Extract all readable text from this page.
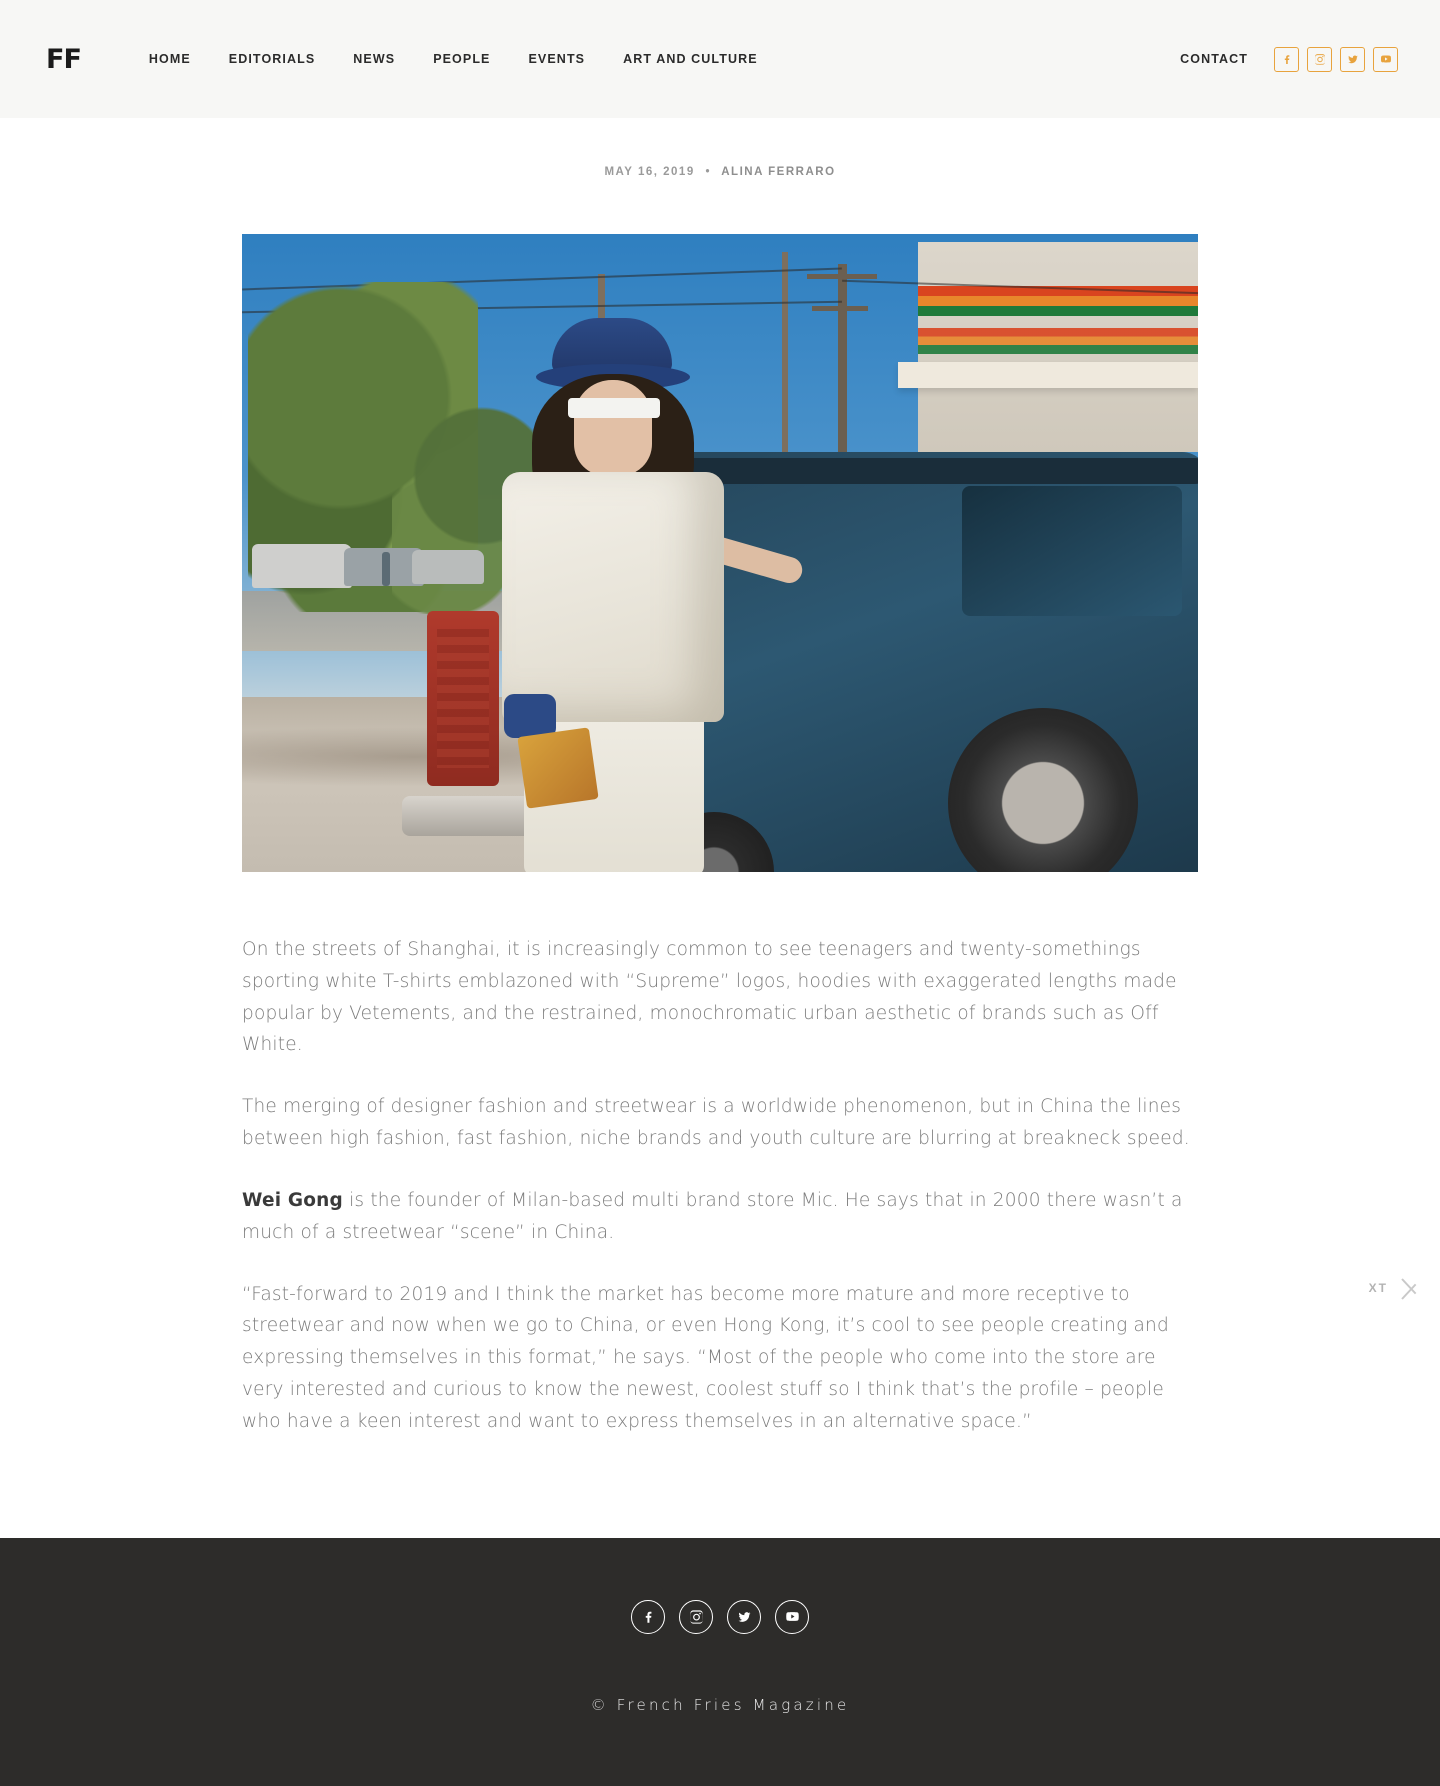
FF	HOME	EDITORIALS	NEWS	PEOPLE	EVENTS	ART AND CULTURE	CONTACT
MAY 16, 2019 • ALINA FERRARO

On the streets of Shanghai, it is increasingly common to see teenagers and twenty-somethings sporting white T-shirts emblazoned with “Supreme” logos, hoodies with exaggerated lengths made popular by Vetements, and the restrained, monochromatic urban aesthetic of brands such as Off White.

The merging of designer fashion and streetwear is a worldwide phenomenon, but in China the lines between high fashion, fast fashion, niche brands and youth culture are blurring at breakneck speed.

Wei Gong is the founder of Milan-based multi brand store Mic. He says that in 2000 there wasn’t a much of a streetwear “scene” in China.

“Fast-forward to 2019 and I think the market has become more mature and more receptive to streetwear and now when we go to China, or even Hong Kong, it’s cool to see people creating and expressing themselves in this format,” he says. “Most of the people who come into the store are very interested and curious to know the newest, coolest stuff so I think that’s the profile – people who have a keen interest and want to express themselves in an alternative space.”

XT
© French Fries Magazine
